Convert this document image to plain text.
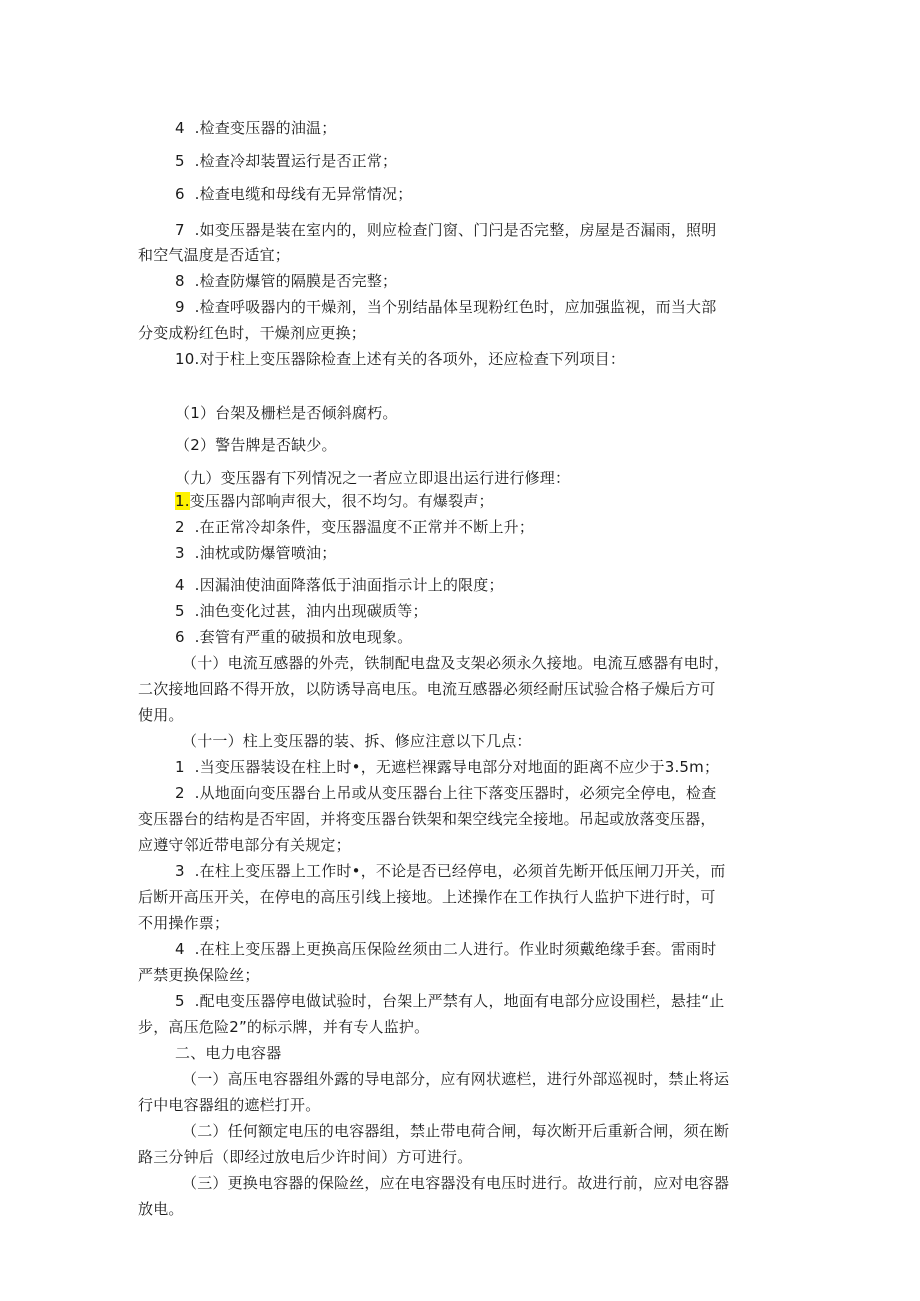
4  .检查变压器的油温；
5  .检查冷却装置运行是否正常；
6  .检查电缆和母线有无异常情况；
7  .如变压器是装在室内的，则应检查门窗、门闩是否完整，房屋是否漏雨，照明
和空气温度是否适宜；
8  .检查防爆管的隔膜是否完整；
9  .检查呼吸器内的干燥剂，当个别结晶体呈现粉红色时，应加强监视，而当大部
分变成粉红色时，干燥剂应更换；
10.对于柱上变压器除检查上述有关的各项外，还应检查下列项目：
（1）台架及栅栏是否倾斜腐朽。
（2）警告牌是否缺少。
（九）变压器有下列情况之一者应立即退出运行进行修理：
1.变压器内部响声很大，很不均匀。有爆裂声；
2  .在正常冷却条件，变压器温度不正常并不断上升；
3  .油枕或防爆管喷油；
4  .因漏油使油面降落低于油面指示计上的限度；
5  .油色变化过甚，油内出现碳质等；
6  .套管有严重的破损和放电现象。
（十）电流互感器的外壳，铁制配电盘及支架必须永久接地。电流互感器有电时，
二次接地回路不得开放，以防诱导高电压。电流互感器必须经耐压试验合格子燥后方可
使用。
（十一）柱上变压器的装、拆、修应注意以下几点：
1  .当变压器装设在柱上时•，无遮栏裸露导电部分对地面的距离不应少于3.5m；
2  .从地面向变压器台上吊或从变压器台上往下落变压器时，必须完全停电，检查
变压器台的结构是否牢固，并将变压器台铁架和架空线完全接地。吊起或放落变压器，
应遵守邻近带电部分有关规定；
3  .在柱上变压器上工作时•，不论是否已经停电，必须首先断开低压闸刀开关，而
后断开高压开关，在停电的高压引线上接地。上述操作在工作执行人监护下进行时，可
不用操作票；
4  .在柱上变压器上更换高压保险丝须由二人进行。作业时须戴绝缘手套。雷雨时
严禁更换保险丝；
5  .配电变压器停电做试验时，台架上严禁有人，地面有电部分应设围栏，悬挂“止
步，高压危险2”的标示牌，并有专人监护。
二、电力电容器
（一）高压电容器组外露的导电部分，应有网状遮栏，进行外部巡视时，禁止将运
行中电容器组的遮栏打开。
（二）任何额定电压的电容器组，禁止带电荷合闸，每次断开后重新合闸，须在断
路三分钟后（即经过放电后少许时间）方可进行。
（三）更换电容器的保险丝，应在电容器没有电压时进行。故进行前，应对电容器
放电。
